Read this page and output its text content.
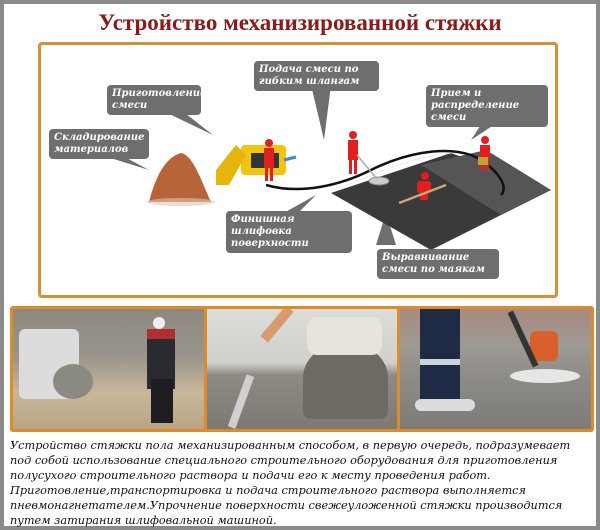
Устройство механизированной стяжки
Складирование материалов
Приготовление смеси
Подача смеси по гибким шлангам
Прием и распределение смеси
Финишная шлифовка поверхности
Выравнивание смеси по маякам
Устройство стяжки пола механизированным способом, в первую очередь, подразумевает под собой использование специального строительного оборудования для приготовления полусухого строительного раствора и подачи его к месту проведения работ. Приготовление,транспортировка и подача строительного раствора выполняется пневмонагнетателем.Упрочнение поверхности свежеуложенной стяжки производится путем затирания шлифовальной машиной.
